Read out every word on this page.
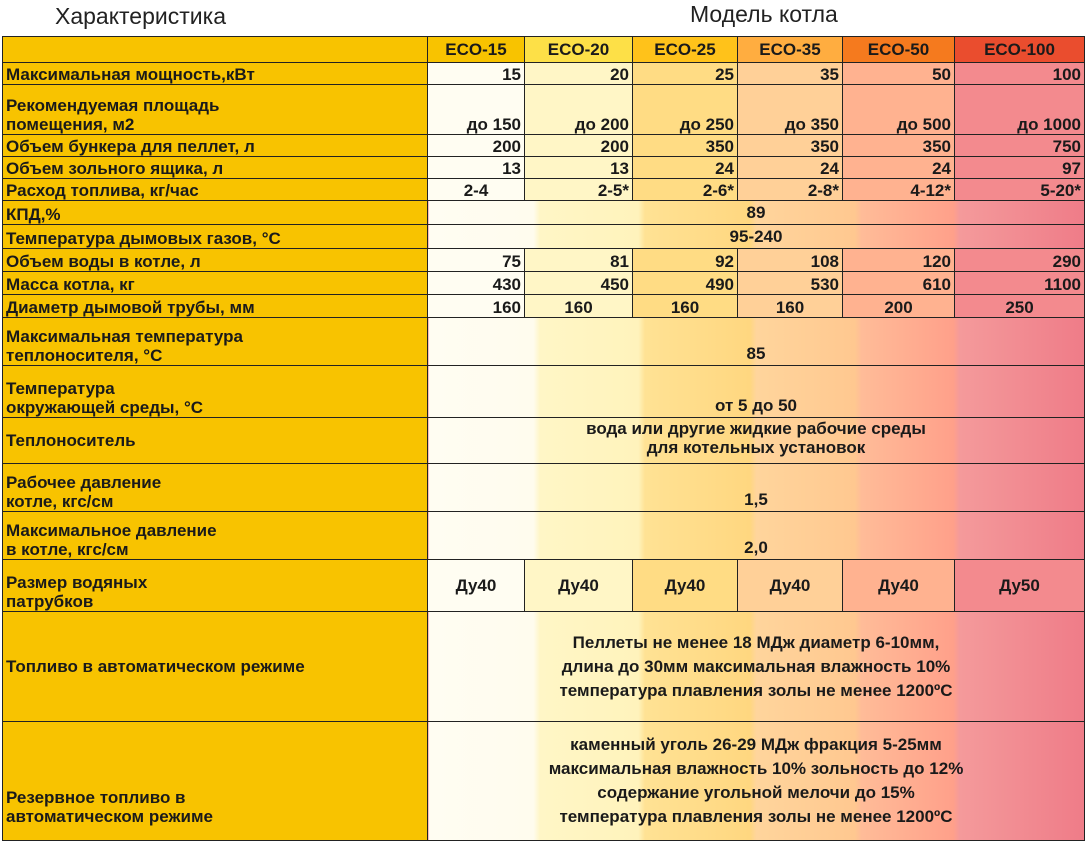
Характеристика	Модель котла
	ECO-15	ECO-20	ECO-25	ECO-35	ECO-50	ECO-100
Максимальная мощность,кВт	15	20	25	35	50	100

Рекомендуемая площадь
помещения, м2	до 150	до 200	до 250	до 350	до 500	до 1000
Объем бункера для пеллет, л	200	200	350	350	350	750
Объем зольного ящика, л	13	13	24	24	24	97
Расход топлива, кг/час	2-4	2-5*	2-6*	2-8*	4-12*	5-20*
КПД,%	89					
Температура дымовых газов, °С	95-240					
Объем воды в котле, л	75	81	92	108	120	290
Масса котла, кг	430	450	490	530	610	1100
Диаметр дымовой трубы, мм	160	160	160	160	200	250

Максимальная температура
теплоносителя, °С	85					

Температура
окружающей среды, °С	от 5 до 50					
Теплоноситель	вода или другие жидкие рабочие среды
для котельных установок					

Рабочее давление
котле, кгс/см	1,5					

Максимальное давление
в котле, кгс/см	2,0					

Размер водяных
патрубков	Ду40	Ду40	Ду40	Ду40	Ду40	Ду50
Топливо в автоматическом режиме	Пеллеты не менее 18 МДж диаметр 6-10мм,
длина до 30мм максимальная влажность 10%
температура плавления золы не менее 1200ºС					

Резервное топливо в
автоматическом режиме	каменный уголь 26-29 МДж фракция 5-25мм
максимальная влажность 10% зольность до 12%
содержание угольной мелочи до 15%
температура плавления золы не менее 1200ºС					
